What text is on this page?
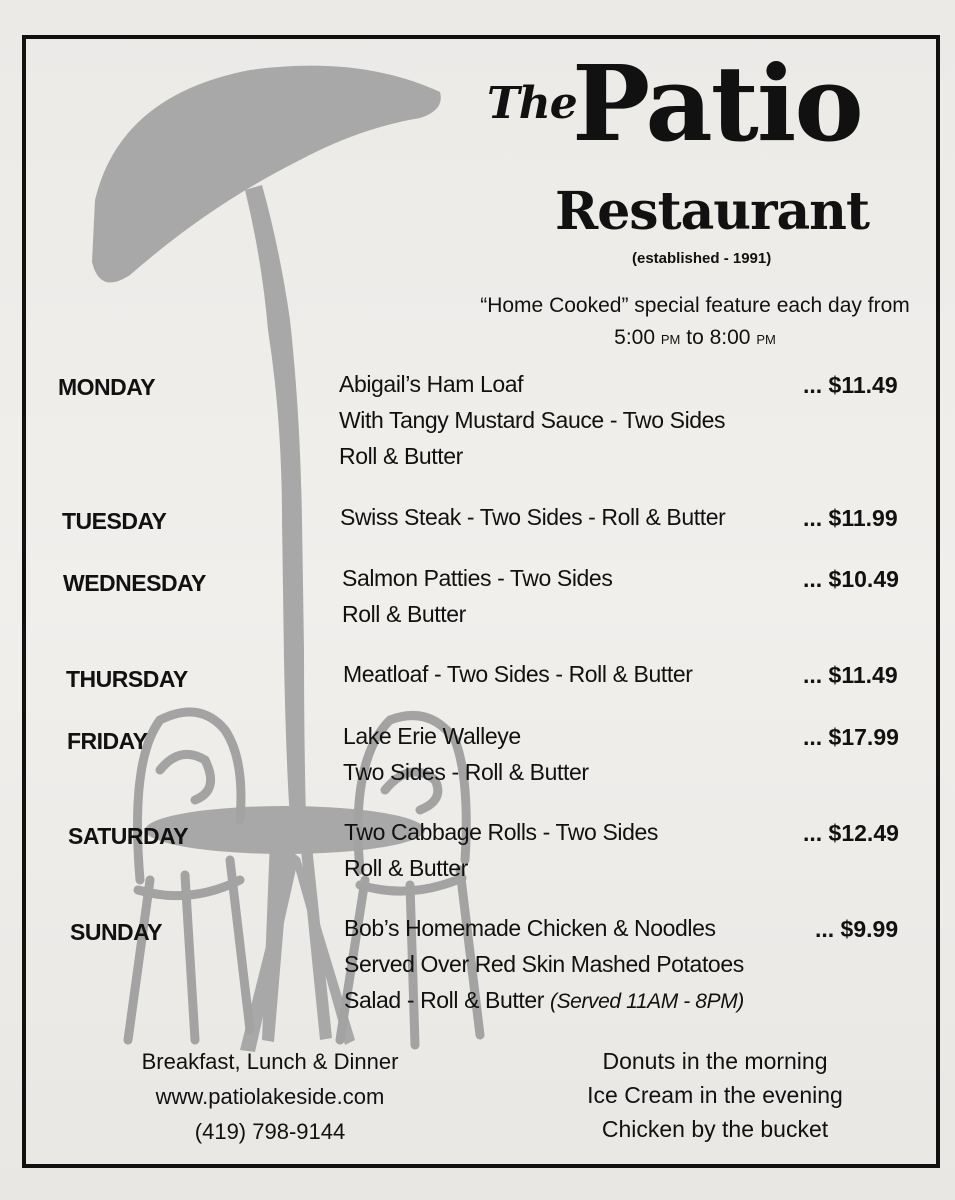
The
Patio
Restaurant
(established - 1991)
“Home Cooked” special feature each day from
5:00 PM to 8:00 PM
MONDAY	Abigail’s Ham Loaf
With Tangy Mustard Sauce - Two Sides
Roll & Butter
... $11.49
TUESDAY	Swiss Steak - Two Sides - Roll & Butter	... $11.99
WEDNESDAY	Salmon Patties - Two Sides
Roll & Butter
... $10.49
THURSDAY	Meatloaf - Two Sides - Roll & Butter	... $11.49
FRIDAY	Lake Erie Walleye
Two Sides - Roll & Butter
... $17.99
SATURDAY	Two Cabbage Rolls - Two Sides
Roll & Butter
... $12.49
SUNDAY	Bob’s Homemade Chicken & Noodles
Served Over Red Skin Mashed Potatoes
Salad - Roll & Butter (Served 11AM - 8PM)
... $9.99
Breakfast, Lunch & Dinner
www.patiolakeside.com
(419) 798-9144
Donuts in the morning
Ice Cream in the evening
Chicken by the bucket
